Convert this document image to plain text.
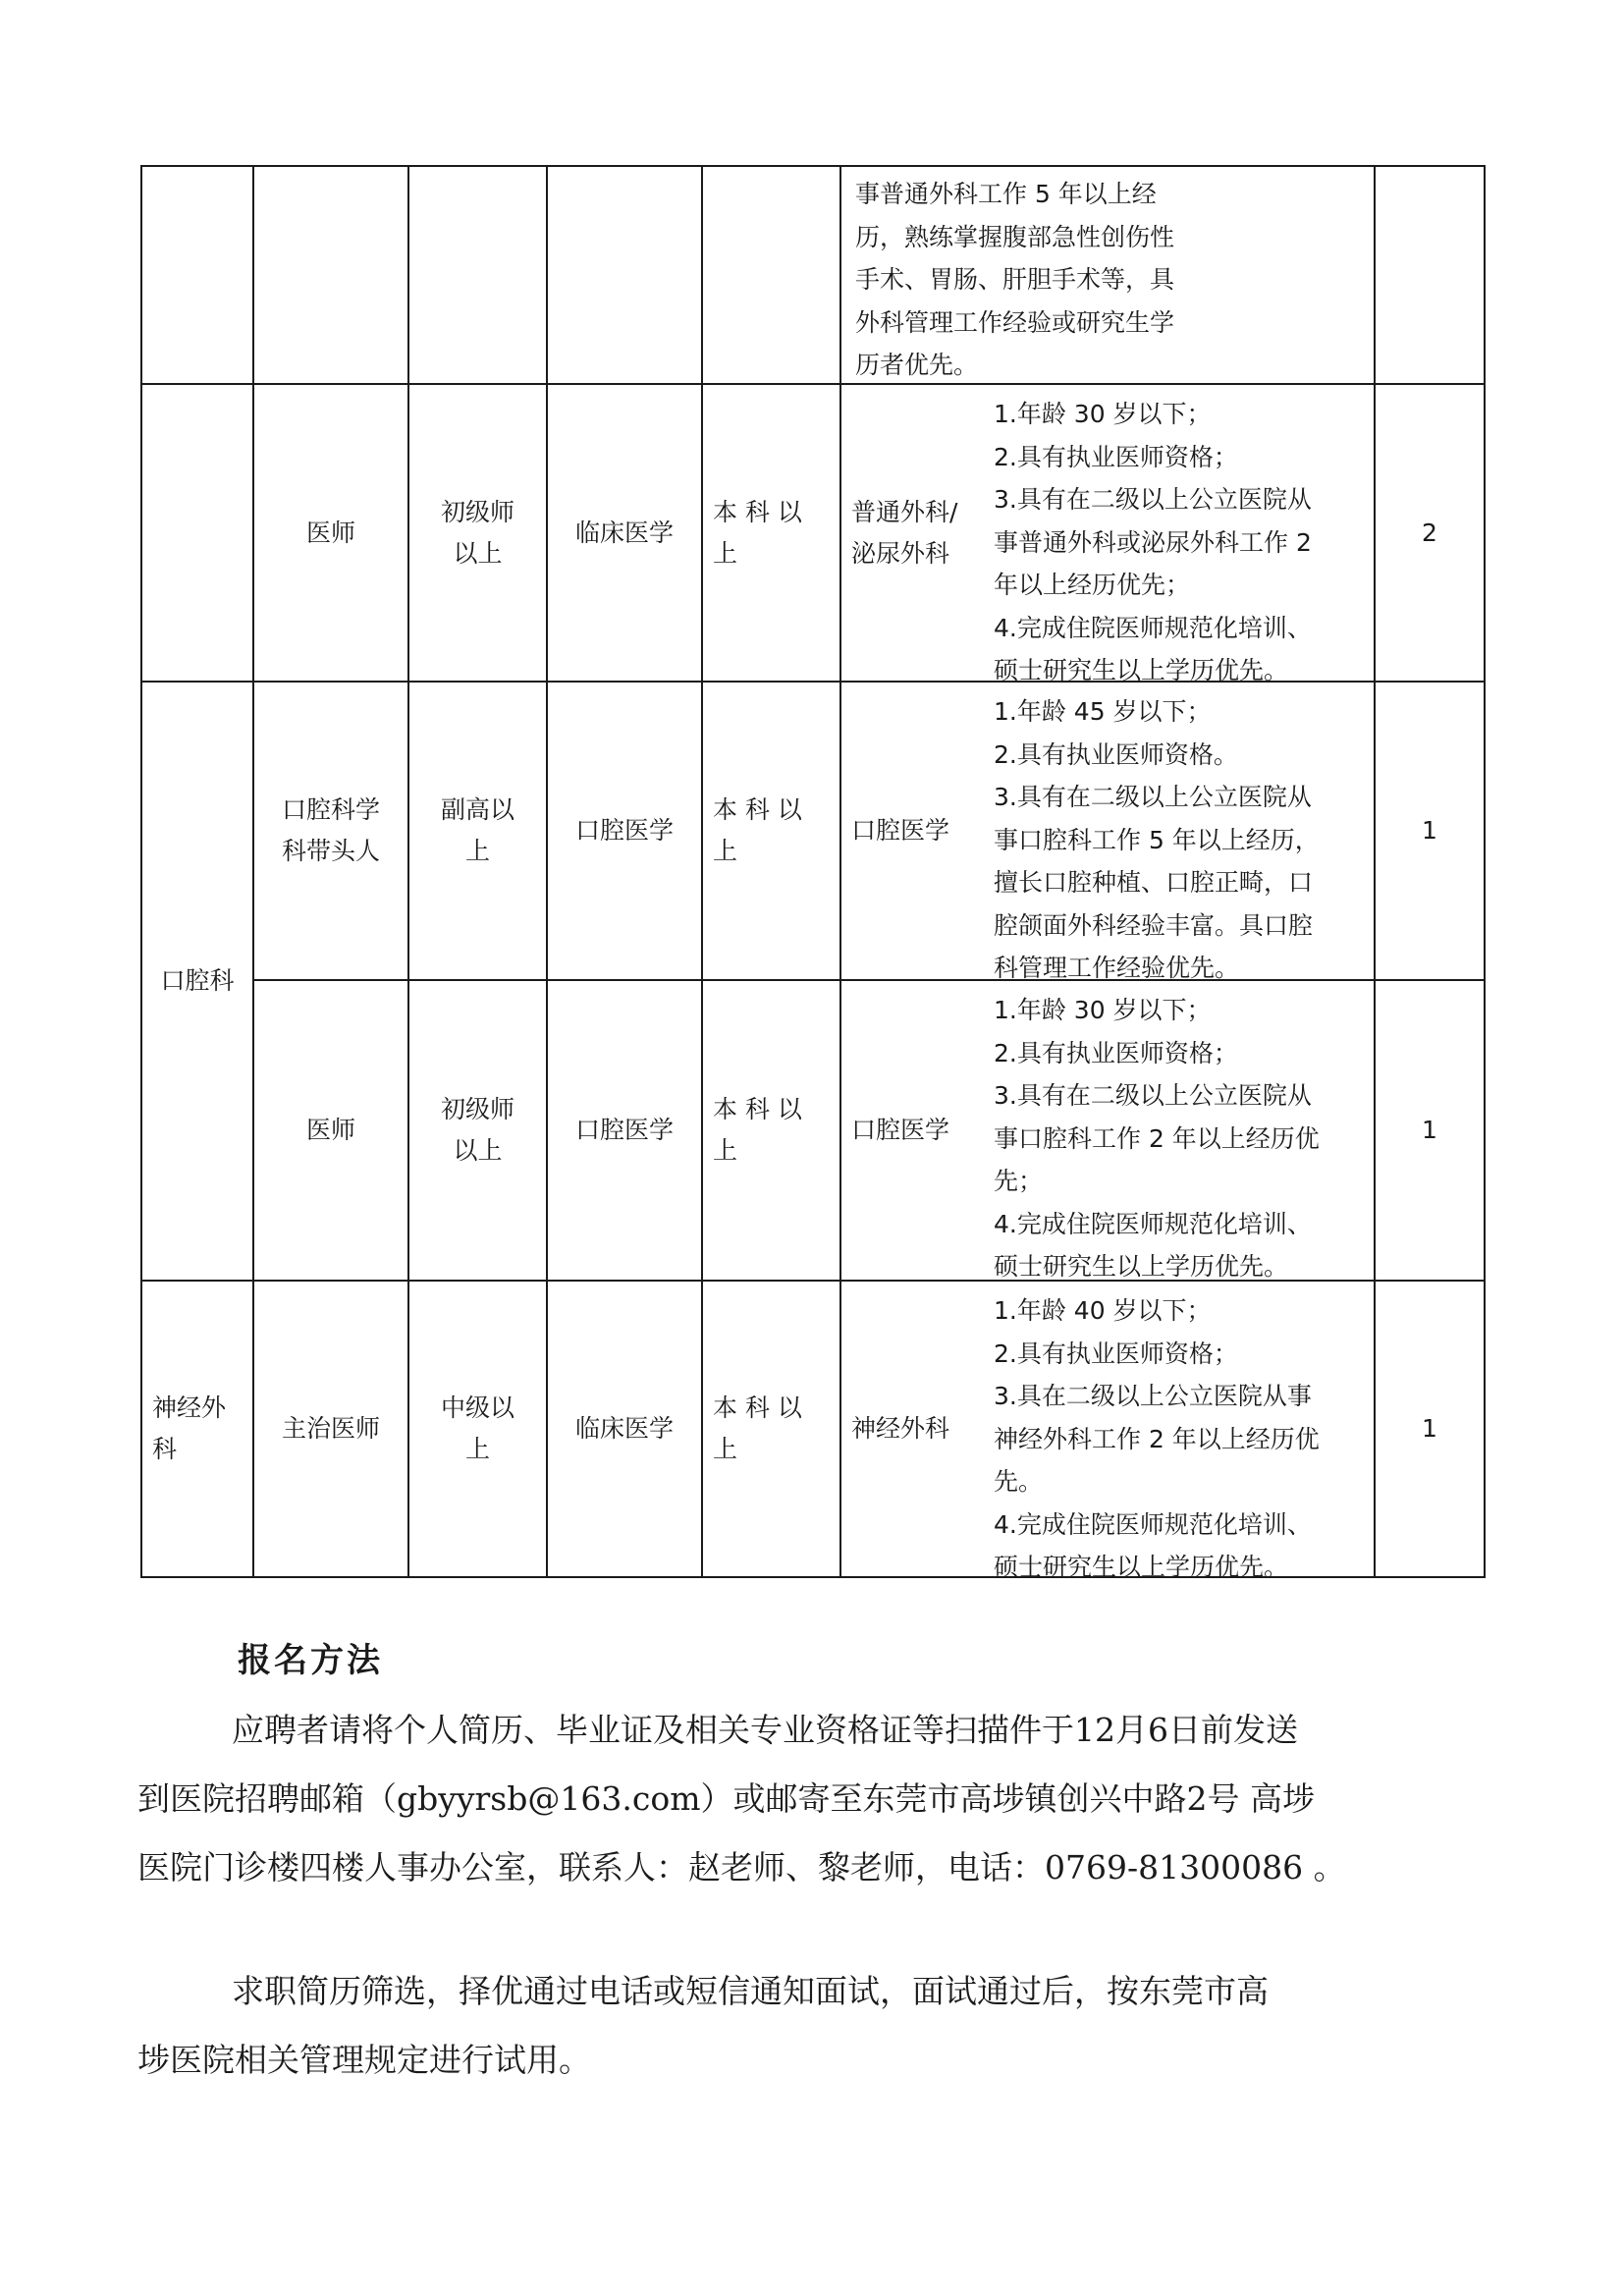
事普通外科工作 5 年以上经
历，熟练掌握腹部急性创伤性
手术、胃肠、肝胆手术等，具
外科管理工作经验或研究生学
历者优先。
医师
初级师
以上
临床医学
本 科 以
上
普通外科/
泌尿外科
1.年龄 30 岁以下；
2.具有执业医师资格；
3.具有在二级以上公立医院从
事普通外科或泌尿外科工作 2
年以上经历优先；
4.完成住院医师规范化培训、
硕士研究生以上学历优先。
2
口腔科
口腔科学
科带头人
副高以
上
口腔医学
本 科 以
上
口腔医学
1.年龄 45 岁以下；
2.具有执业医师资格。
3.具有在二级以上公立医院从
事口腔科工作 5 年以上经历，
擅长口腔种植、口腔正畸，口
腔颌面外科经验丰富。具口腔
科管理工作经验优先。
1
医师
初级师
以上
口腔医学
本 科 以
上
口腔医学
1.年龄 30 岁以下；
2.具有执业医师资格；
3.具有在二级以上公立医院从
事口腔科工作 2 年以上经历优
先；
4.完成住院医师规范化培训、
硕士研究生以上学历优先。
1
神经外
科
主治医师
中级以
上
临床医学
本 科 以
上
神经外科
1.年龄 40 岁以下；
2.具有执业医师资格；
3.具在二级以上公立医院从事
神经外科工作 2 年以上经历优
先。
4.完成住院医师规范化培训、
硕士研究生以上学历优先。
1
报名方法
应聘者请将个人简历、毕业证及相关专业资格证等扫描件于12月6日前发送
到医院招聘邮箱（gbyyrsb@163.com）或邮寄至东莞市高埗镇创兴中路2号 高埗
医院门诊楼四楼人事办公室，联系人：赵老师、黎老师，电话：0769-81300086 。
求职简历筛选，择优通过电话或短信通知面试，面试通过后，按东莞市高
埗医院相关管理规定进行试用。
